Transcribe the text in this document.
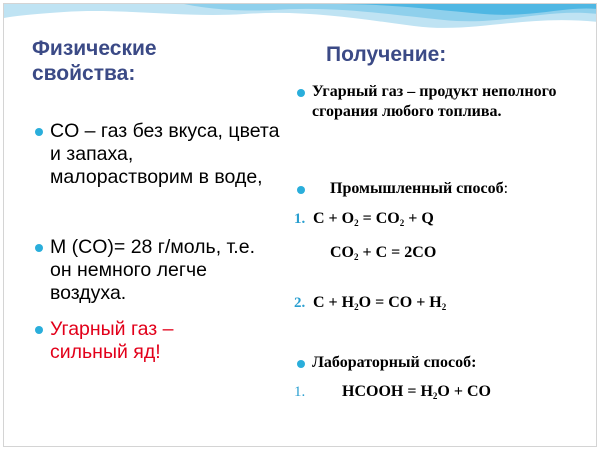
Физические свойства:
Получение:
CO – газ без вкуса, цвета и запаха, малорастворим в воде,
M (CO)= 28 г/моль, т.е. он немного легче воздуха.
Угарный газ – сильный яд!
Угарный газ – продукт неполного сгорания любого топлива.
Промышленный способ:
1. $C + O_2 = CO_2 + Q$
$CO_2 + C = 2CO$
2. $C + H_2O$ = CO + $H_2$
Лабораторный способ:
1. HCOOH = $H_2O$ + CO
